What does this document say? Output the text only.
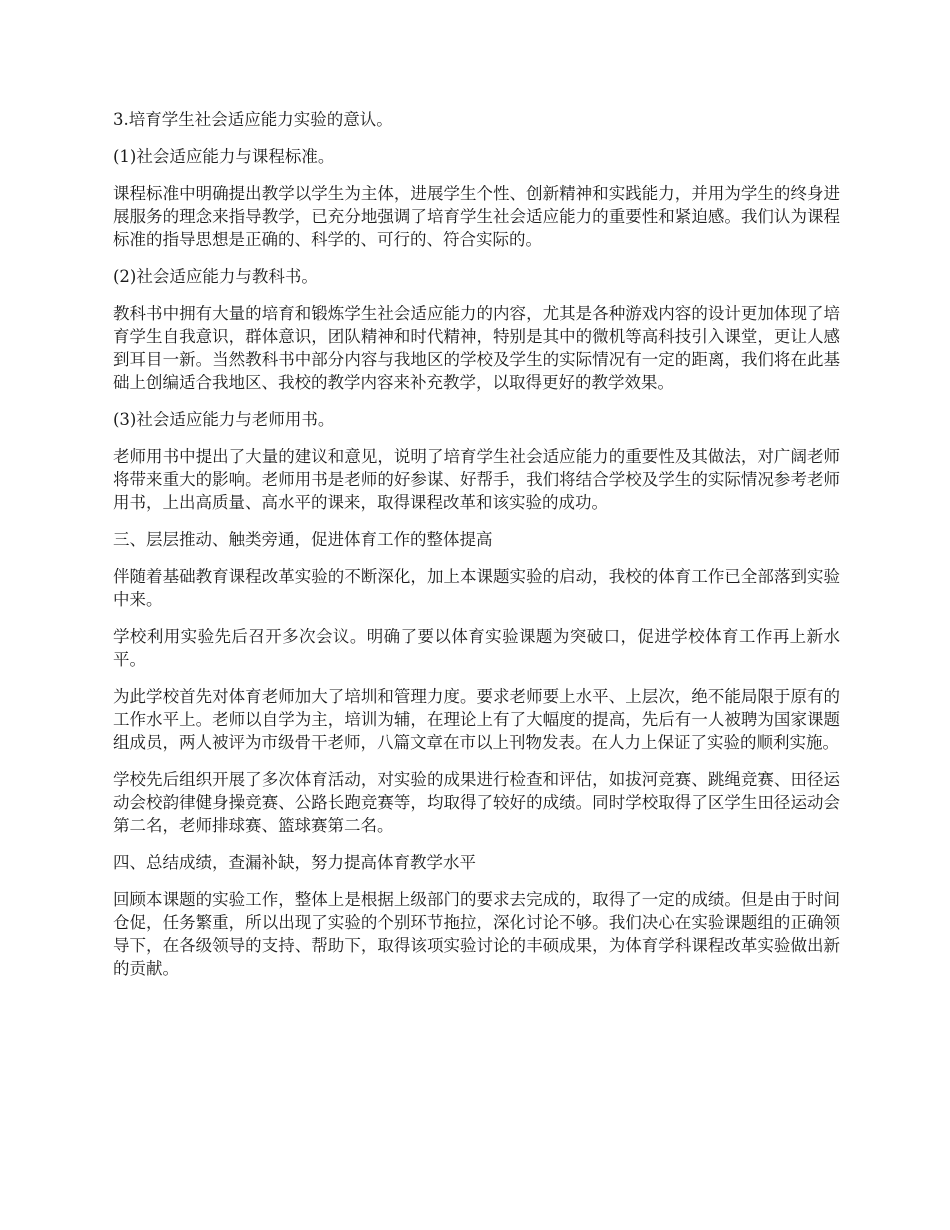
3.培育学生社会适应能力实验的意认。
(1)社会适应能力与课程标准。

课程标准中明确提出教学以学生为主体，进展学生个性、创新精神和实践能力，并用为学生的终身进展服务的理念来指导教学，已充分地强调了培育学生社会适应能力的重要性和紧迫感。我们认为课程标准的指导思想是正确的、科学的、可行的、符合实际的。

(2)社会适应能力与教科书。

教科书中拥有大量的培育和锻炼学生社会适应能力的内容，尤其是各种游戏内容的设计更加体现了培育学生自我意识，群体意识，团队精神和时代精神，特别是其中的微机等高科技引入课堂，更让人感到耳目一新。当然教科书中部分内容与我地区的学校及学生的实际情况有一定的距离，我们将在此基础上创编适合我地区、我校的教学内容来补充教学，以取得更好的教学效果。

(3)社会适应能力与老师用书。

老师用书中提出了大量的建议和意见，说明了培育学生社会适应能力的重要性及其做法，对广阔老师将带来重大的影响。老师用书是老师的好参谋、好帮手，我们将结合学校及学生的实际情况参考老师用书，上出高质量、高水平的课来，取得课程改革和该实验的成功。

三、层层推动、触类旁通，促进体育工作的整体提高

伴随着基础教育课程改革实验的不断深化，加上本课题实验的启动，我校的体育工作已全部落到实验中来。

学校利用实验先后召开多次会议。明确了要以体育实验课题为突破口，促进学校体育工作再上新水平。

为此学校首先对体育老师加大了培圳和管理力度。要求老师要上水平、上层次，绝不能局限于原有的工作水平上。老师以自学为主，培训为辅，在理论上有了大幅度的提高，先后有一人被聘为国家课题组成员，两人被评为市级骨干老师，八篇文章在市以上刊物发表。在人力上保证了实验的顺利实施。

学校先后组织开展了多次体育活动，对实验的成果进行检查和评估，如拔河竞赛、跳绳竞赛、田径运动会校韵律健身操竞赛、公路长跑竞赛等，均取得了较好的成绩。同时学校取得了区学生田径运动会第二名，老师排球赛、篮球赛第二名。

四、总结成绩，查漏补缺，努力提高体育教学水平

回顾本课题的实验工作，整体上是根据上级部门的要求去完成的，取得了一定的成绩。但是由于时间仓促，任务繁重，所以出现了实验的个别环节拖拉，深化讨论不够。我们决心在实验课题组的正确领导下，在各级领导的支持、帮助下，取得该项实验讨论的丰硕成果，为体育学科课程改革实验做出新的贡献。
